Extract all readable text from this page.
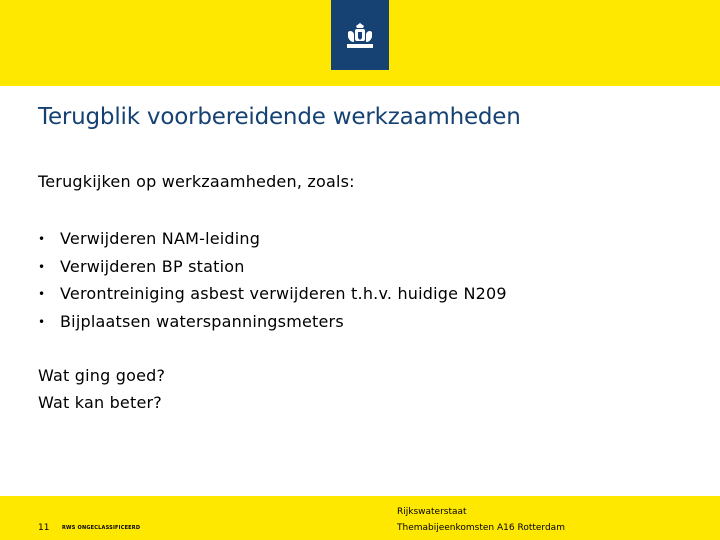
Terugblik voorbereidende werkzaamheden
Terugkijken op werkzaamheden, zoals:
• Verwijderen NAM-leiding
• Verwijderen BP station
• Verontreiniging asbest verwijderen t.h.v. huidige N209
• Bijplaatsen waterspanningsmeters
Wat ging goed?
Wat kan beter?
11	RWS ONGECLASSIFICEERD
Rijkswaterstaat
Themabijeenkomsten A16 Rotterdam
